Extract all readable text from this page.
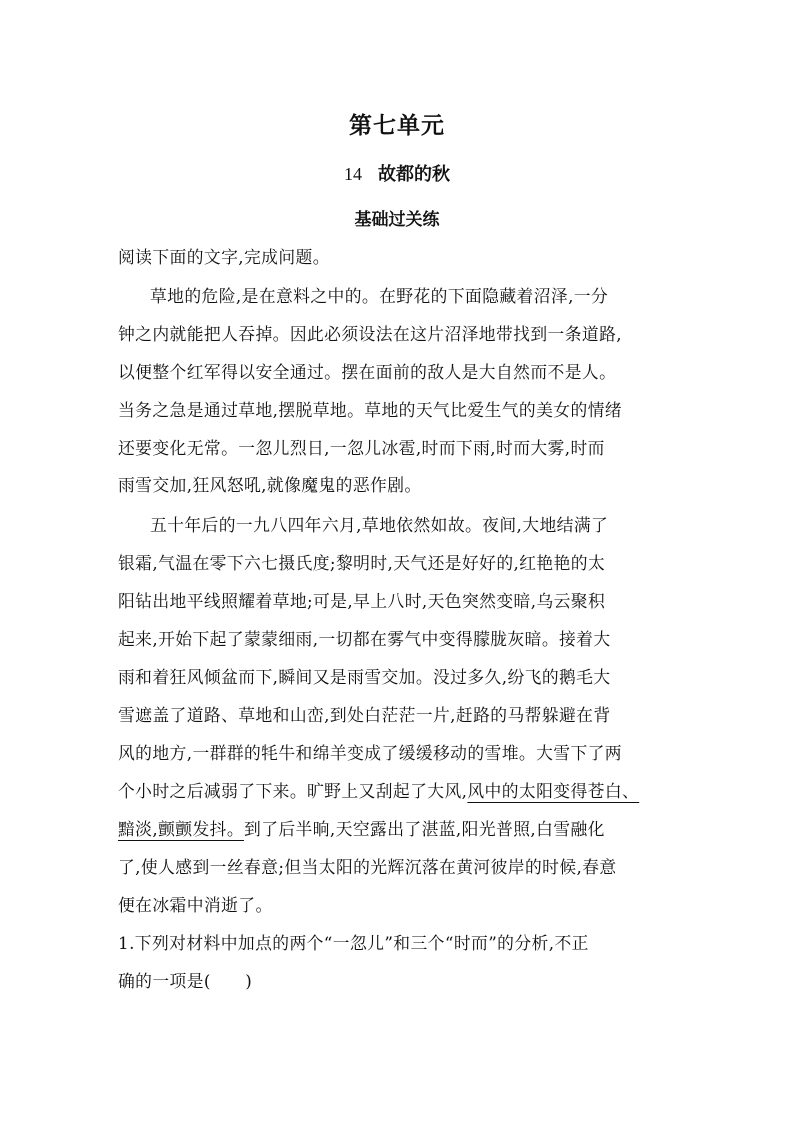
第七单元
14 故都的秋
基础过关练
阅读下面的文字,完成问题。
草地的危险,是在意料之中的。在野花的下面隐藏着沼泽,一分
钟之内就能把人吞掉。因此必须设法在这片沼泽地带找到一条道路,
以便整个红军得以安全通过。摆在面前的敌人是大自然而不是人。
当务之急是通过草地,摆脱草地。草地的天气比爱生气的美女的情绪
还要变化无常。一忽儿烈日,一忽儿冰雹,时而下雨,时而大雾,时而
雨雪交加,狂风怒吼,就像魔鬼的恶作剧。
五十年后的一九八四年六月,草地依然如故。夜间,大地结满了
银霜,气温在零下六七摄氏度;黎明时,天气还是好好的,红艳艳的太
阳钻出地平线照耀着草地;可是,早上八时,天色突然变暗,乌云聚积
起来,开始下起了蒙蒙细雨,一切都在雾气中变得朦胧灰暗。接着大
雨和着狂风倾盆而下,瞬间又是雨雪交加。没过多久,纷飞的鹅毛大
雪遮盖了道路、草地和山峦,到处白茫茫一片,赶路的马帮躲避在背
风的地方,一群群的牦牛和绵羊变成了缓缓移动的雪堆。大雪下了两
个小时之后减弱了下来。旷野上又刮起了大风,风中的太阳变得苍白、
黯淡,颤颤发抖。到了后半晌,天空露出了湛蓝,阳光普照,白雪融化
了,使人感到一丝春意;但当太阳的光辉沉落在黄河彼岸的时候,春意
便在冰霜中消逝了。
1.下列对材料中加点的两个“一忽儿”和三个“时而”的分析,不正
确的一项是(　　)
